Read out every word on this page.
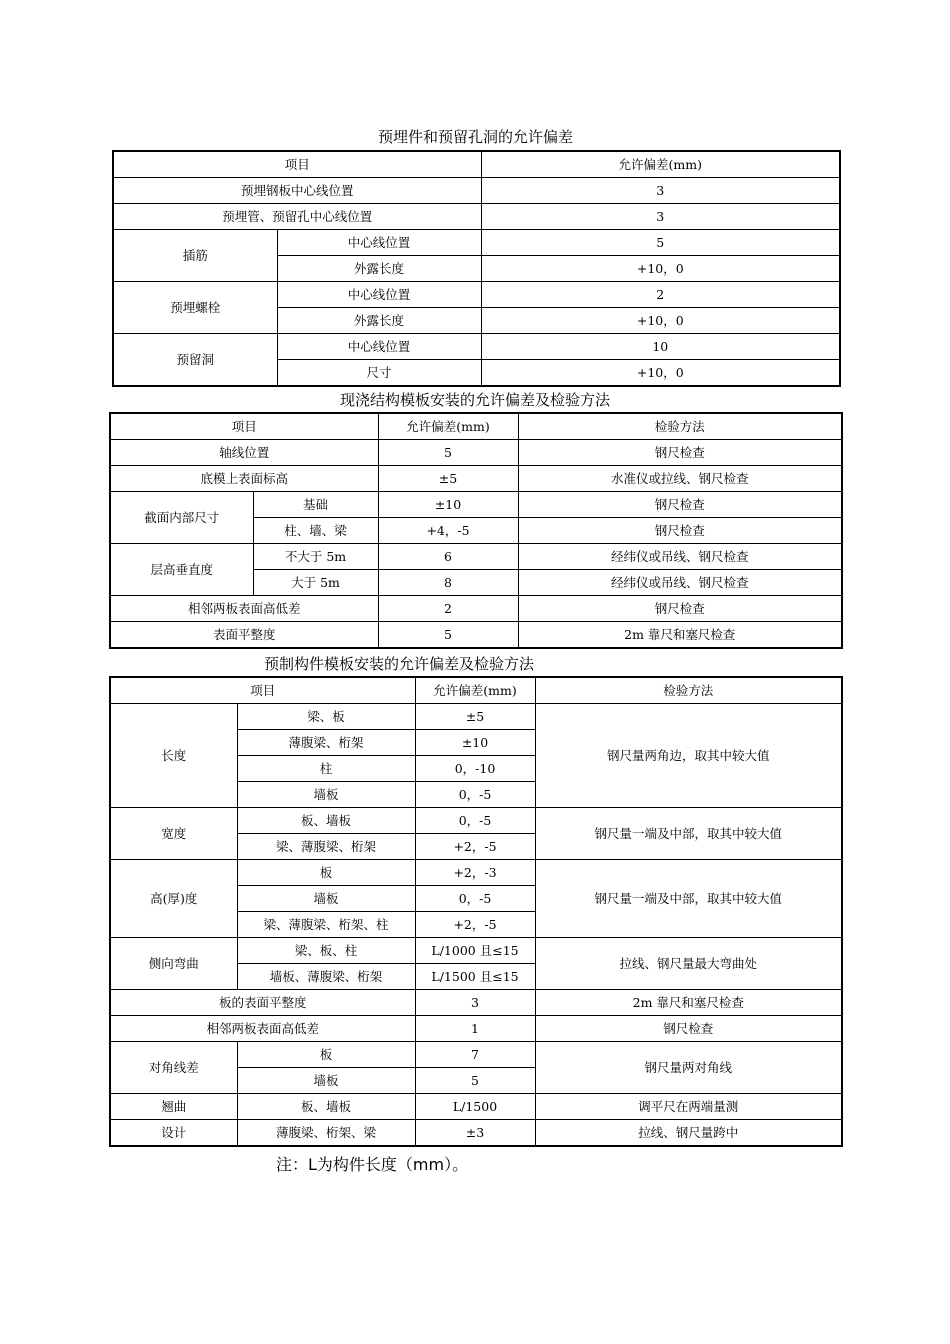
预埋件和预留孔洞的允许偏差
项目		允许偏差(mm)
预埋钢板中心线位置		3
预埋管、预留孔中心线位置		3
插筋	中心线位置	5
	外露长度	+10，0
预埋螺栓	中心线位置	2
	外露长度	+10，0
预留洞	中心线位置	10
	尺寸	+10，0
现浇结构模板安装的允许偏差及检验方法
项目		允许偏差(mm)	检验方法
轴线位置		5	钢尺检查
底模上表面标高		±5	水准仪或拉线、钢尺检查
截面内部尺寸	基础	±10	钢尺检查
	柱、墙、梁	+4，-5	钢尺检查
层高垂直度	不大于 5m	6	经纬仪或吊线、钢尺检查
	大于 5m	8	经纬仪或吊线、钢尺检查
相邻两板表面高低差		2	钢尺检查
表面平整度		5	2m 靠尺和塞尺检查
预制构件模板安装的允许偏差及检验方法
项目		允许偏差(mm)	检验方法
长度	梁、板	±5	钢尺量两角边，取其中较大值
	薄腹梁、桁架	±10	
	柱	0，-10	
	墙板	0，-5	
宽度	板、墙板	0，-5	钢尺量一端及中部，取其中较大值
	梁、薄腹梁、桁架	+2，-5	
高(厚)度	板	+2，-3	钢尺量一端及中部，取其中较大值
	墙板	0，-5	
	梁、薄腹梁、桁架、柱	+2，-5	
侧向弯曲	梁、板、柱	L/1000 且≤15	拉线、钢尺量最大弯曲处
	墙板、薄腹梁、桁架	L/1500 且≤15	
板的表面平整度		3	2m 靠尺和塞尺检查
相邻两板表面高低差		1	钢尺检查
对角线差	板	7	钢尺量两对角线
	墙板	5	
翘曲	板、墙板	L/1500	调平尺在两端量测
设计	薄腹梁、桁架、梁	±3	拉线、钢尺量跨中
注：L为构件长度（mm）。
